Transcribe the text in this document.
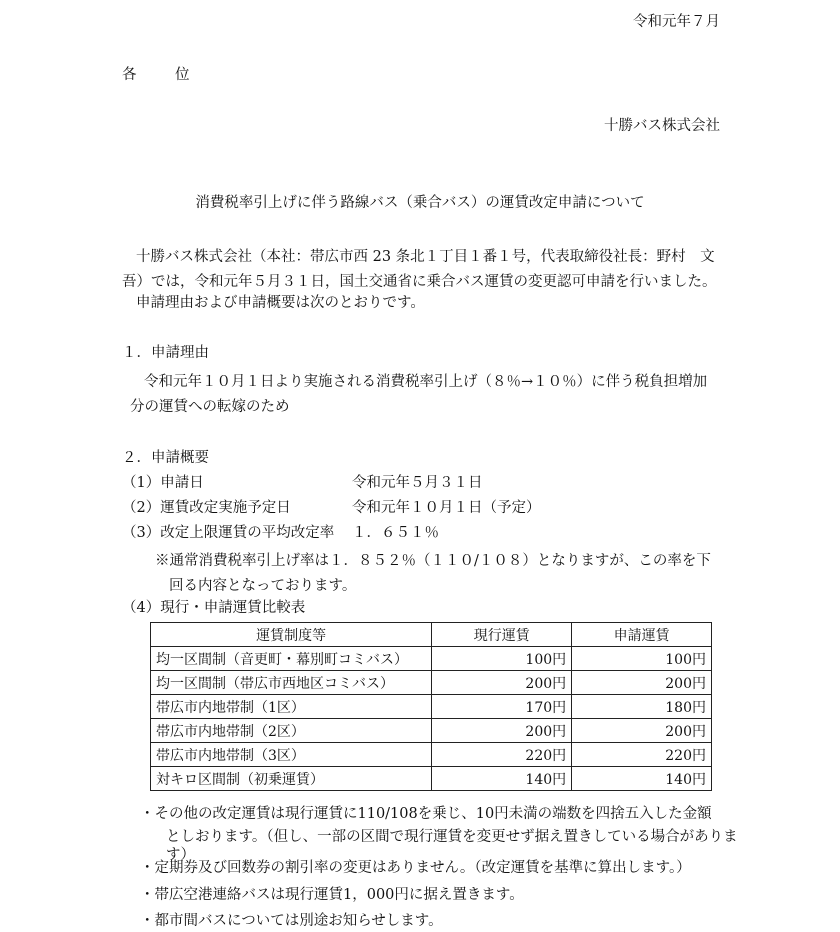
令和元年７月
各　位
十勝バス株式会社
消費税率引上げに伴う路線バス（乗合バス）の運賃改定申請について
十勝バス株式会社（本社：帯広市西 23 条北１丁目１番１号，代表取締役社長：野村　文吾）では，令和元年５月３１日，国土交通省に乗合バス運賃の変更認可申請を行いました。
申請理由および申請概要は次のとおりです。
１．申請理由
令和元年１０月１日より実施される消費税率引上げ（８％→１０％）に伴う税負担増加
分の運賃への転嫁のため
２．申請概要
（1）申請日	令和元年５月３１日
（2）運賃改定実施予定日	令和元年１０月１日（予定）
（3）改定上限運賃の平均改定率 １．６５１％
※通常消費税率引上げ率は１．８５２％（１１０/１０８）となりますが、この率を下
回る内容となっております。
（4）現行・申請運賃比較表
運賃制度等	現行運賃	申請運賃
均一区間制（音更町・幕別町コミバス）	100円	100円
均一区間制（帯広市西地区コミバス）	200円	200円
帯広市内地帯制（1区）	170円	180円
帯広市内地帯制（2区）	200円	200円
帯広市内地帯制（3区）	220円	220円
対キロ区間制（初乗運賃）	140円	140円
・その他の改定運賃は現行運賃に110/108を乗じ、10円未満の端数を四捨五入した金額
としおります。（但し、一部の区間で現行運賃を変更せず据え置きしている場合があります）
・定期券及び回数券の割引率の変更はありません。（改定運賃を基準に算出します。）
・帯広空港連絡バスは現行運賃1，000円に据え置きます。
・都市間バスについては別途お知らせします。
